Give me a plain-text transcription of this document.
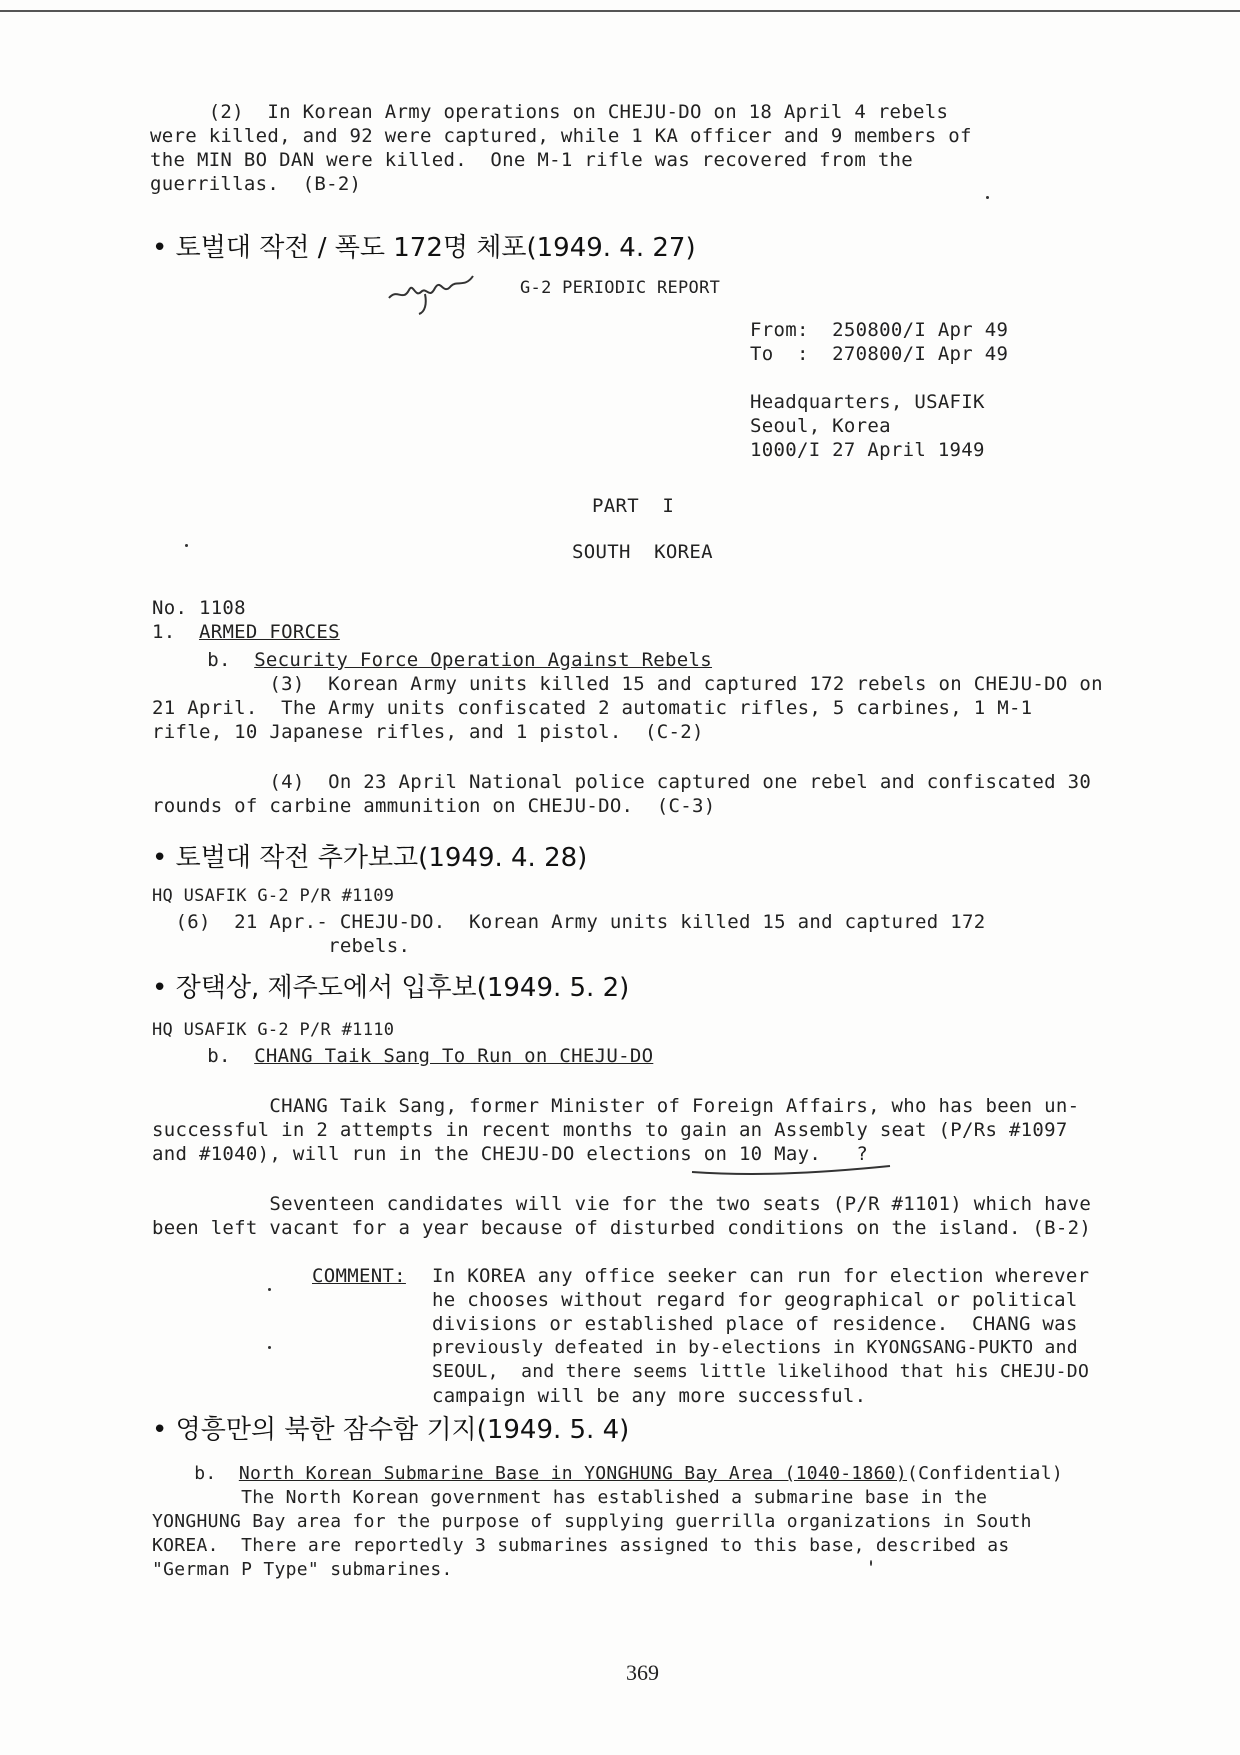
(2)  In Korean Army operations on CHEJU-DO on 18 April 4 rebels
were killed, and 92 were captured, while 1 KA officer and 9 members of
the MIN BO DAN were killed.  One M-1 rifle was recovered from the
guerrillas.  (B-2)
• 토벌대 작전 / 폭도 172명 체포(1949. 4. 27)
G-2 PERIODIC REPORT
From:  250800/I Apr 49
To  :  270800/I Apr 49
Headquarters, USAFIK
Seoul, Korea
1000/I 27 April 1949
PART  I
SOUTH  KOREA
No. 1108
1.  ARMED FORCES
b.  Security Force Operation Against Rebels
(3)  Korean Army units killed 15 and captured 172 rebels on CHEJU-DO on
21 April.  The Army units confiscated 2 automatic rifles, 5 carbines, 1 M-1
rifle, 10 Japanese rifles, and 1 pistol.  (C-2)
(4)  On 23 April National police captured one rebel and confiscated 30
rounds of carbine ammunition on CHEJU-DO.  (C-3)
• 토벌대 작전 추가보고(1949. 4. 28)
HQ USAFIK G-2 P/R #1109
(6)  21 Apr.- CHEJU-DO.  Korean Army units killed 15 and captured 172
rebels.
• 장택상, 제주도에서 입후보(1949. 5. 2)
HQ USAFIK G-2 P/R #1110
b.  CHANG Taik Sang To Run on CHEJU-DO
CHANG Taik Sang, former Minister of Foreign Affairs, who has been un-
successful in 2 attempts in recent months to gain an Assembly seat (P/Rs #1097
and #1040), will run in the CHEJU-DO elections on 10 May.   ?
Seventeen candidates will vie for the two seats (P/R #1101) which have
been left vacant for a year because of disturbed conditions on the island. (B-2)
COMMENT: In KOREA any office seeker can run for election wherever
he chooses without regard for geographical or political
divisions or established place of residence.  CHANG was
previously defeated in by-elections in KYONGSANG-PUKTO and
SEOUL,  and there seems little likelihood that his CHEJU-DO
campaign will be any more successful.
• 영흥만의 북한 잠수함 기지(1949. 5. 4)
b.  North Korean Submarine Base in YONGHUNG Bay Area (1040-1860)(Confidential)
The North Korean government has established a submarine base in the
YONGHUNG Bay area for the purpose of supplying guerrilla organizations in South
KOREA.  There are reportedly 3 submarines assigned to this base, described as
"German P Type" submarines.
369
